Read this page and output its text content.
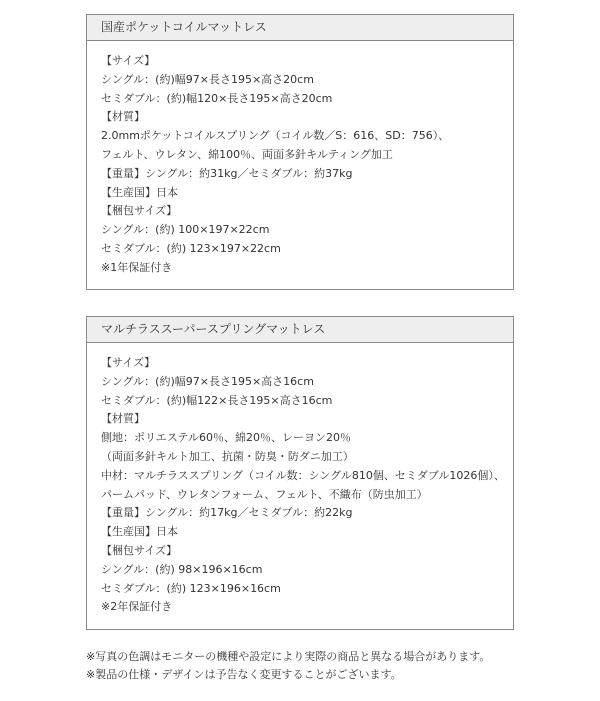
国産ポケットコイルマットレス
【サイズ】
シングル：(約)幅97×長さ195×高さ20cm
セミダブル：(約)幅120×長さ195×高さ20cm
【材質】
2.0mmポケットコイルスプリング（コイル数／S：616、SD：756）、
フェルト、ウレタン、綿100％、両面多針キルティング加工
【重量】シングル：約31kg／セミダブル：約37kg
【生産国】日本
【梱包サイズ】
シングル：(約) 100×197×22cm
セミダブル：(約) 123×197×22cm
※1年保証付き
マルチラススーパースプリングマットレス
【サイズ】
シングル：(約)幅97×長さ195×高さ16cm
セミダブル：(約)幅122×長さ195×高さ16cm
【材質】
側地：ポリエステル60％、綿20％、レーヨン20％
（両面多針キルト加工、抗菌・防臭・防ダニ加工）
中材：マルチラススプリング（コイル数：シングル810個、セミダブル1026個）、
パームパッド、ウレタンフォーム、フェルト、不織布（防虫加工）
【重量】シングル：約17kg／セミダブル：約22kg
【生産国】日本
【梱包サイズ】
シングル：(約) 98×196×16cm
セミダブル：(約) 123×196×16cm
※2年保証付き
※写真の色調はモニターの機種や設定により実際の商品と異なる場合があります。
※製品の仕様・デザインは予告なく変更することがございます。
